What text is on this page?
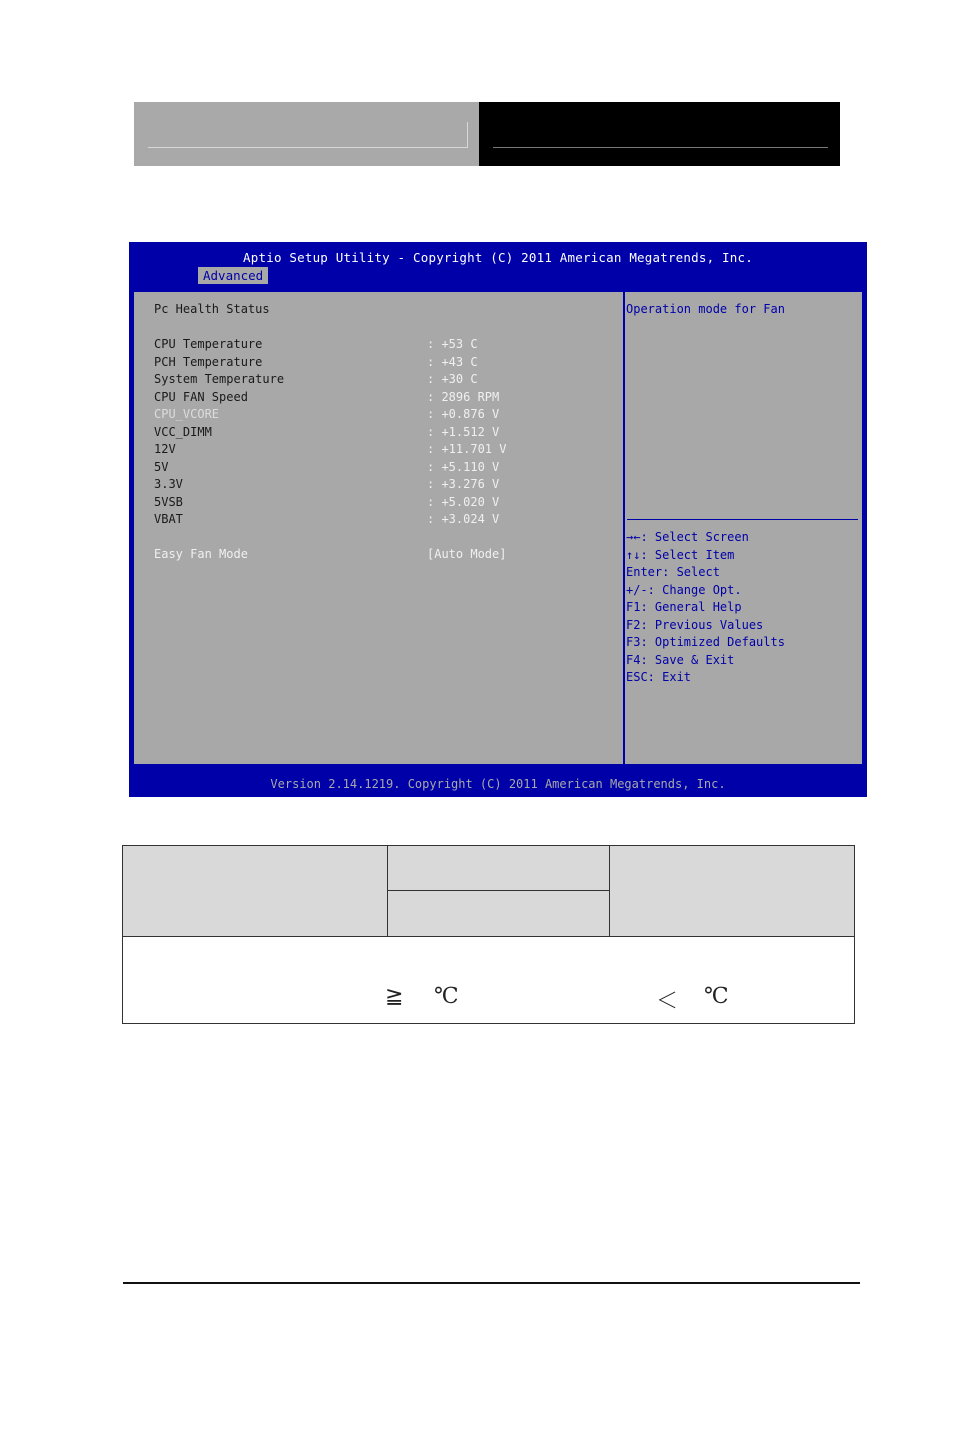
Aptio Setup Utility - Copyright (C) 2011 American Megatrends, Inc.
Advanced
Pc Health Status
CPU Temperature	: +53 C
PCH Temperature	: +43 C
System Temperature	: +30 C
CPU FAN Speed	: 2896 RPM
CPU_VCORE	: +0.876 V
VCC_DIMM	: +1.512 V
12V	: +11.701 V
5V	: +5.110 V
3.3V	: +3.276 V
5VSB	: +5.020 V
VBAT	: +3.024 V
Easy Fan Mode	[Auto Mode]
Operation mode for Fan
→←: Select Screen
↑↓: Select Item
Enter: Select
+/-: Change Opt.
F1: General Help
F2: Previous Values
F3: Optimized Defaults
F4: Save & Exit
ESC: Exit
Version 2.14.1219. Copyright (C) 2011 American Megatrends, Inc.
≧ ℃	＜ ℃
